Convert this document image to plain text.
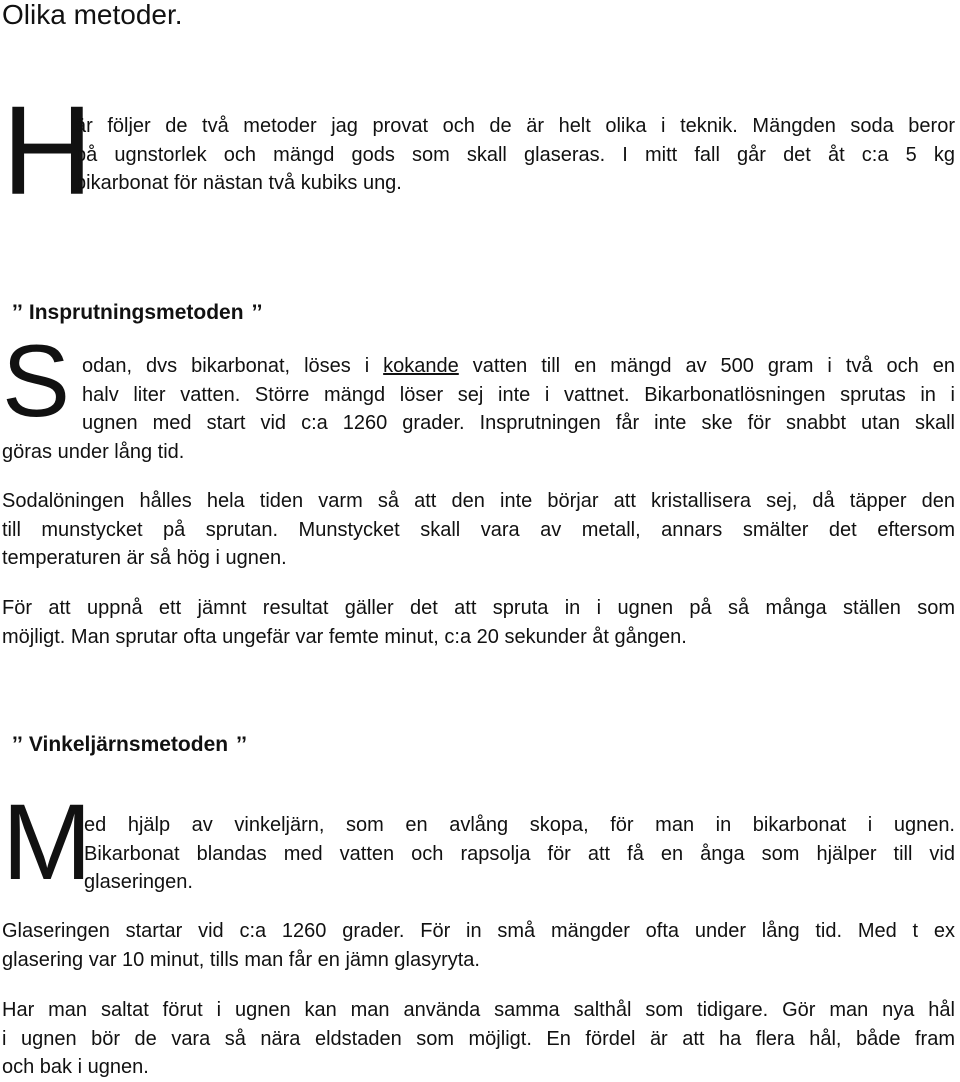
Olika metoder.
H
är följer de två metoder jag provat och de är helt olika i teknik. Mängden soda beror
på ugnstorlek och mängd gods som skall glaseras. I mitt fall går det åt c:a 5 kg
bikarbonat för nästan två kubiks ung.
’’ Insprutningsmetoden ’’
S odan, dvs bikarbonat, löses i kokande vatten till en mängd av 500 gram i två och en
halv liter vatten. Större mängd löser sej inte i vattnet. Bikarbonatlösningen sprutas in i
ugnen med start vid c:a 1260 grader. Insprutningen får inte ske för snabbt utan skall
göras under lång tid.
Sodalöningen hålles hela tiden varm så att den inte börjar att kristallisera sej, då täpper den
till munstycket på sprutan. Munstycket skall vara av metall, annars smälter det eftersom
temperaturen är så hög i ugnen.
För att uppnå ett jämnt resultat gäller det att spruta in i ugnen på så många ställen som
möjligt. Man sprutar ofta ungefär var femte minut, c:a 20 sekunder åt gången.
’’ Vinkeljärnsmetoden ’’
M
ed hjälp av vinkeljärn, som en avlång skopa, för man in bikarbonat i ugnen.
Bikarbonat blandas med vatten och rapsolja för att få en ånga som hjälper till vid
glaseringen.
Glaseringen startar vid c:a 1260 grader. För in små mängder ofta under lång tid. Med t ex
glasering var 10 minut, tills man får en jämn glasyryta.
Har man saltat förut i ugnen kan man använda samma salthål som tidigare. Gör man nya hål
i ugnen bör de vara så nära eldstaden som möjligt. En fördel är att ha flera hål, både fram
och bak i ugnen.
